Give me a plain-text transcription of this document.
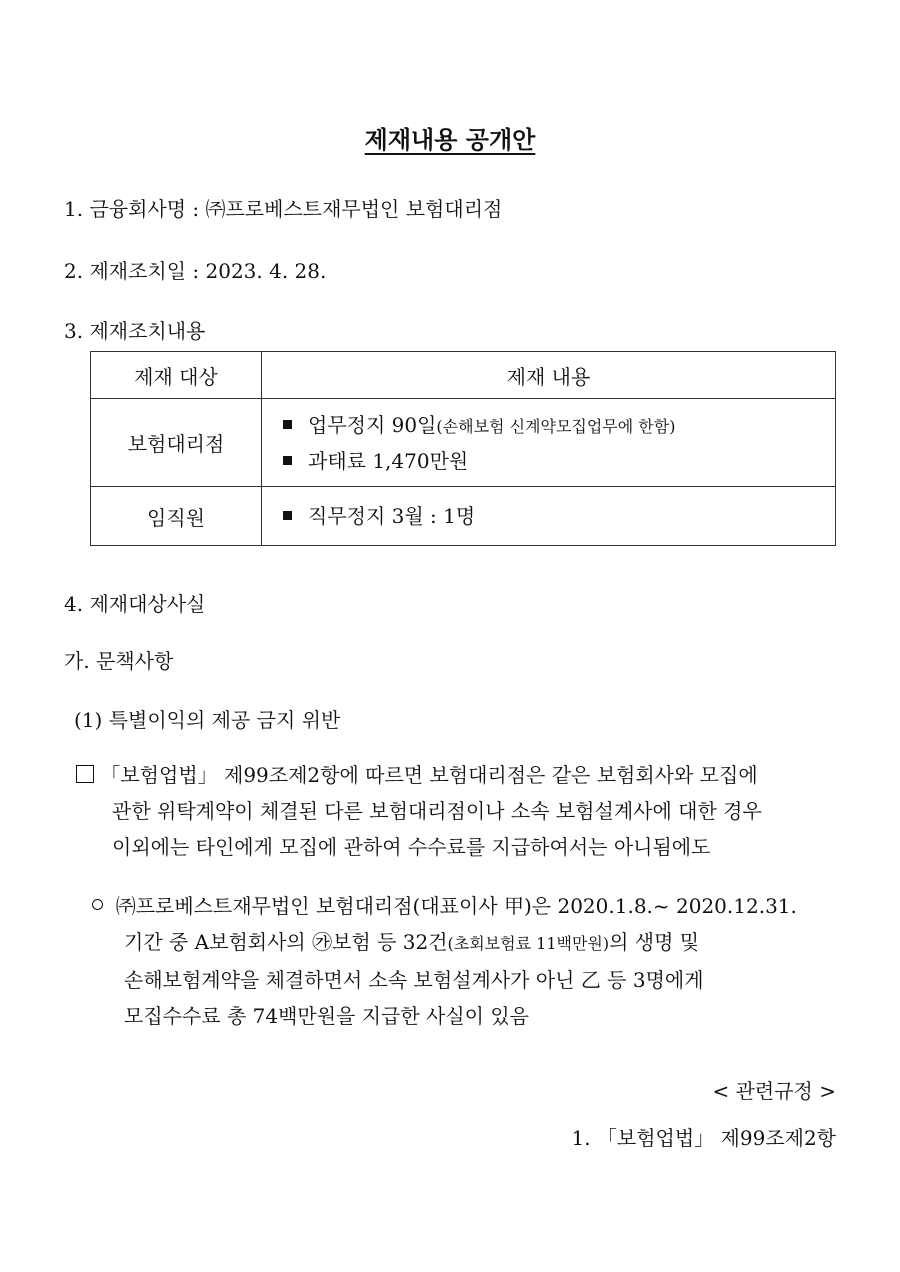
제재내용 공개안
1. 금융회사명 : ㈜프로베스트재무법인 보험대리점
2. 제재조치일 : 2023. 4. 28.
3. 제재조치내용
제재 대상	제재 내용
보험대리점	업무정지 90일(손해보험 신계약모집업무에 한함)
과태료 1,470만원

임직원	직무정지 3월 : 1명
4. 제재대상사실
가. 문책사항
(1) 특별이익의 제공 금지 위반
「보험업법」 제99조제2항에 따르면 보험대리점은 같은 보험회사와 모집에
관한 위탁계약이 체결된 다른 보험대리점이나 소속 보험설계사에 대한 경우
이외에는 타인에게 모집에 관하여 수수료를 지급하여서는 아니됨에도
㈜프로베스트재무법인 보험대리점(대표이사 甲)은 2020.1.8.~ 2020.12.31.
기간 중 A보험회사의 ㉮보험 등 32건(초회보험료 11백만원)의 생명 및
손해보험계약을 체결하면서 소속 보험설계사가 아닌 乙 등 3명에게
모집수수료 총 74백만원을 지급한 사실이 있음
< 관련규정 >
1. 「보험업법」 제99조제2항
